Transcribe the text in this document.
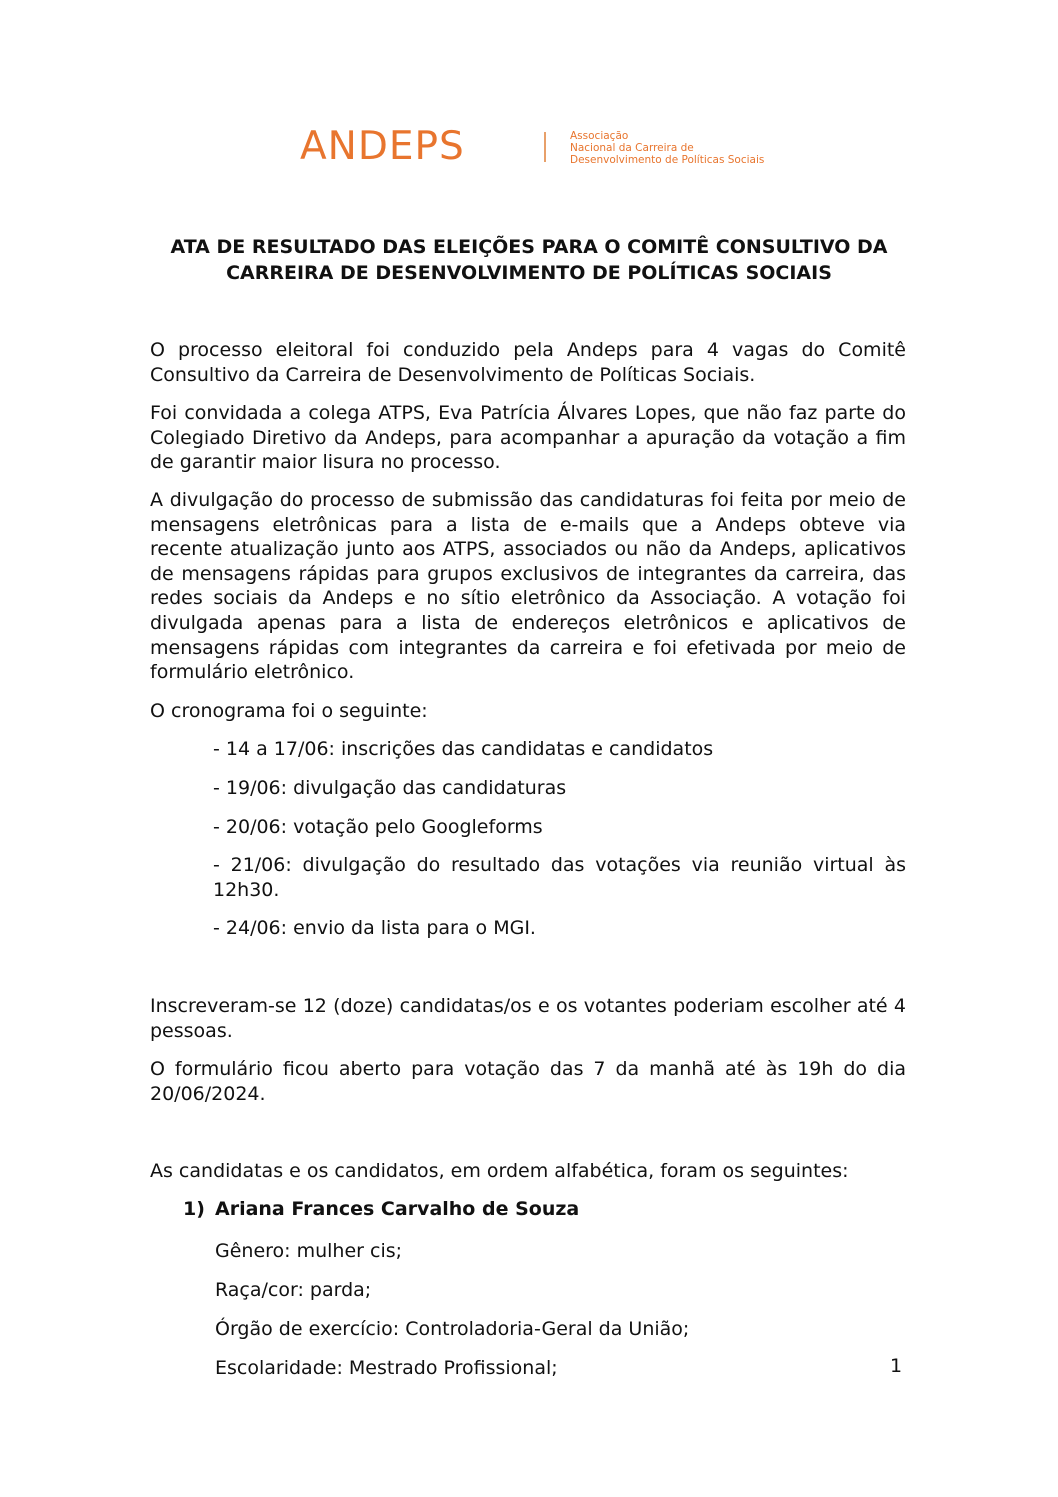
ANDEPS	Associação
Nacional da Carreira de
Desenvolvimento de Políticas Sociais
ATA DE RESULTADO DAS ELEIÇÕES PARA O COMITÊ CONSULTIVO DA
CARREIRA DE DESENVOLVIMENTO DE POLÍTICAS SOCIAIS

O processo eleitoral foi conduzido pela Andeps para 4 vagas do Comitê Consultivo da Carreira de Desenvolvimento de Políticas Sociais.

Foi convidada a colega ATPS, Eva Patrícia Álvares Lopes, que não faz parte do Colegiado Diretivo da Andeps, para acompanhar a apuração da votação a fim de garantir maior lisura no processo.

A divulgação do processo de submissão das candidaturas foi feita por meio de mensagens eletrônicas para a lista de e-mails que a Andeps obteve via recente atualização junto aos ATPS, associados ou não da Andeps, aplicativos de mensagens rápidas para grupos exclusivos de integrantes da carreira, das redes sociais da Andeps e no sítio eletrônico da Associação. A votação foi divulgada apenas para a lista de endereços eletrônicos e aplicativos de mensagens rápidas com integrantes da carreira e foi efetivada por meio de formulário eletrônico.

O cronograma foi o seguinte:

- 14 a 17/06: inscrições das candidatas e candidatos
- 19/06: divulgação das candidaturas
- 20/06: votação pelo Googleforms
- 21/06: divulgação do resultado das votações via reunião virtual às 12h30.
- 24/06: envio da lista para o MGI.

Inscreveram-se 12 (doze) candidatas/os e os votantes poderiam escolher até 4 pessoas.

O formulário ficou aberto para votação das 7 da manhã até às 19h do dia 20/06/2024.

As candidatas e os candidatos, em ordem alfabética, foram os seguintes:

1) Ariana Frances Carvalho de Souza
Gênero: mulher cis;
Raça/cor: parda;
Órgão de exercício: Controladoria-Geral da União;
Escolaridade: Mestrado Profissional;	1
